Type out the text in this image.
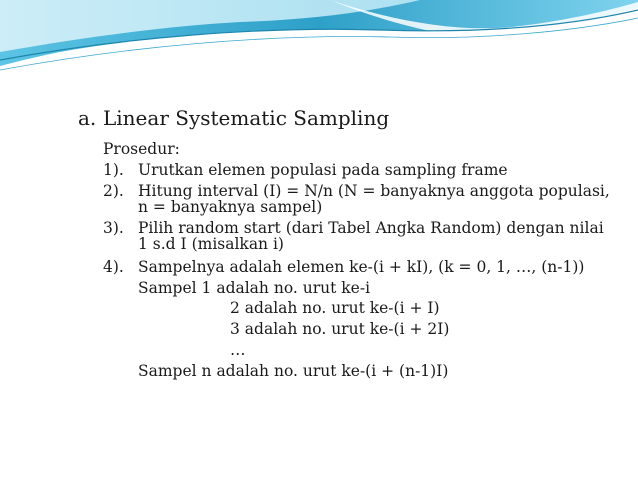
a. Linear Systematic Sampling
Prosedur:
1). Urutkan elemen populasi pada sampling frame
2). Hitung interval (I) = N/n (N = banyaknya anggota populasi,
n = banyaknya sampel)
3). Pilih random start (dari Tabel Angka Random) dengan nilai
1 s.d I (misalkan i)
4). Sampelnya adalah elemen ke-(i + kI), (k = 0, 1, …, (n-1))
Sampel 1 adalah no. urut ke-i
2 adalah no. urut ke-(i + I)
3 adalah no. urut ke-(i + 2I)
…
Sampel n adalah no. urut ke-(i + (n-1)I)
